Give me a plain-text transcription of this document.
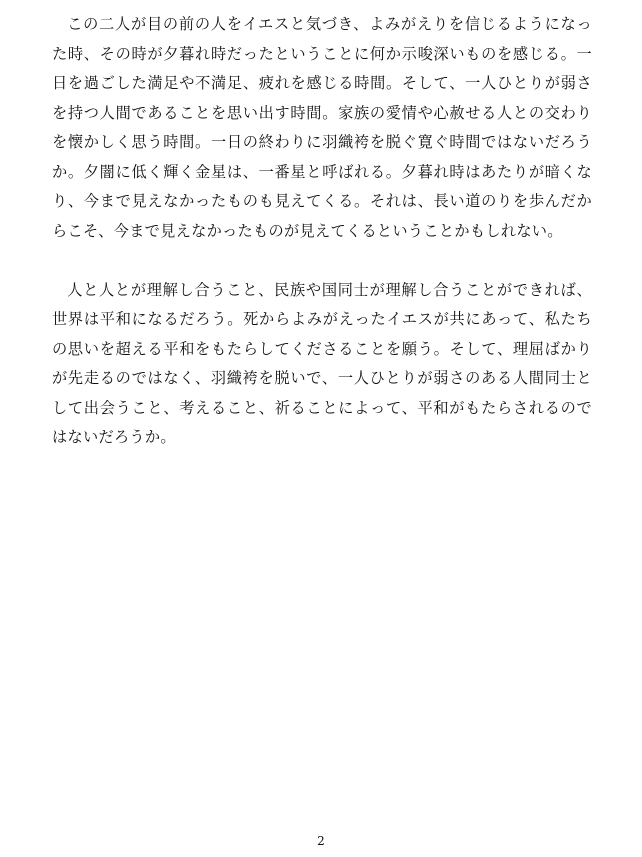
この二人が目の前の人をイエスと気づき、よみがえりを信じるようになった時、その時が夕暮れ時だったということに何か示唆深いものを感じる。一日を過ごした満足や不満足、疲れを感じる時間。そして、一人ひとりが弱さを持つ人間であることを思い出す時間。家族の愛情や心赦せる人との交わりを懐かしく思う時間。一日の終わりに羽織袴を脱ぐ寛ぐ時間ではないだろうか。夕闇に低く輝く金星は、一番星と呼ばれる。夕暮れ時はあたりが暗くなり、今まで見えなかったものも見えてくる。それは、長い道のりを歩んだからこそ、今まで見えなかったものが見えてくるということかもしれない。

人と人とが理解し合うこと、民族や国同士が理解し合うことができれば、世界は平和になるだろう。死からよみがえったイエスが共にあって、私たちの思いを超える平和をもたらしてくださることを願う。そして、理屈ばかりが先走るのではなく、羽織袴を脱いで、一人ひとりが弱さのある人間同士として出会うこと、考えること、祈ることによって、平和がもたらされるのではないだろうか。

2
